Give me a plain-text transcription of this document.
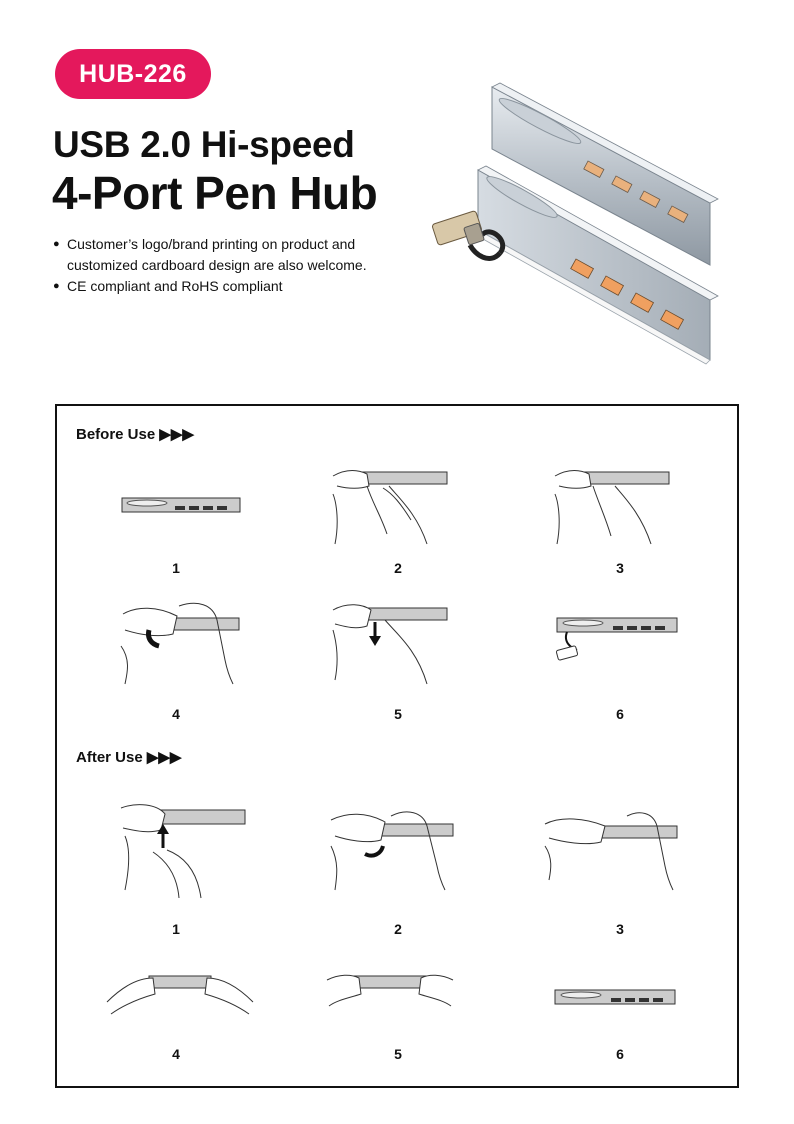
HUB-226
USB 2.0 Hi-speed
4-Port Pen Hub
● Customer’s logo/brand printing on product and customized cardboard design are also welcome.
● CE compliant and RoHS compliant
Before Use ▶▶▶
After Use ▶▶▶
1	2	3
4	5	6
1	2	3
4	5	6
